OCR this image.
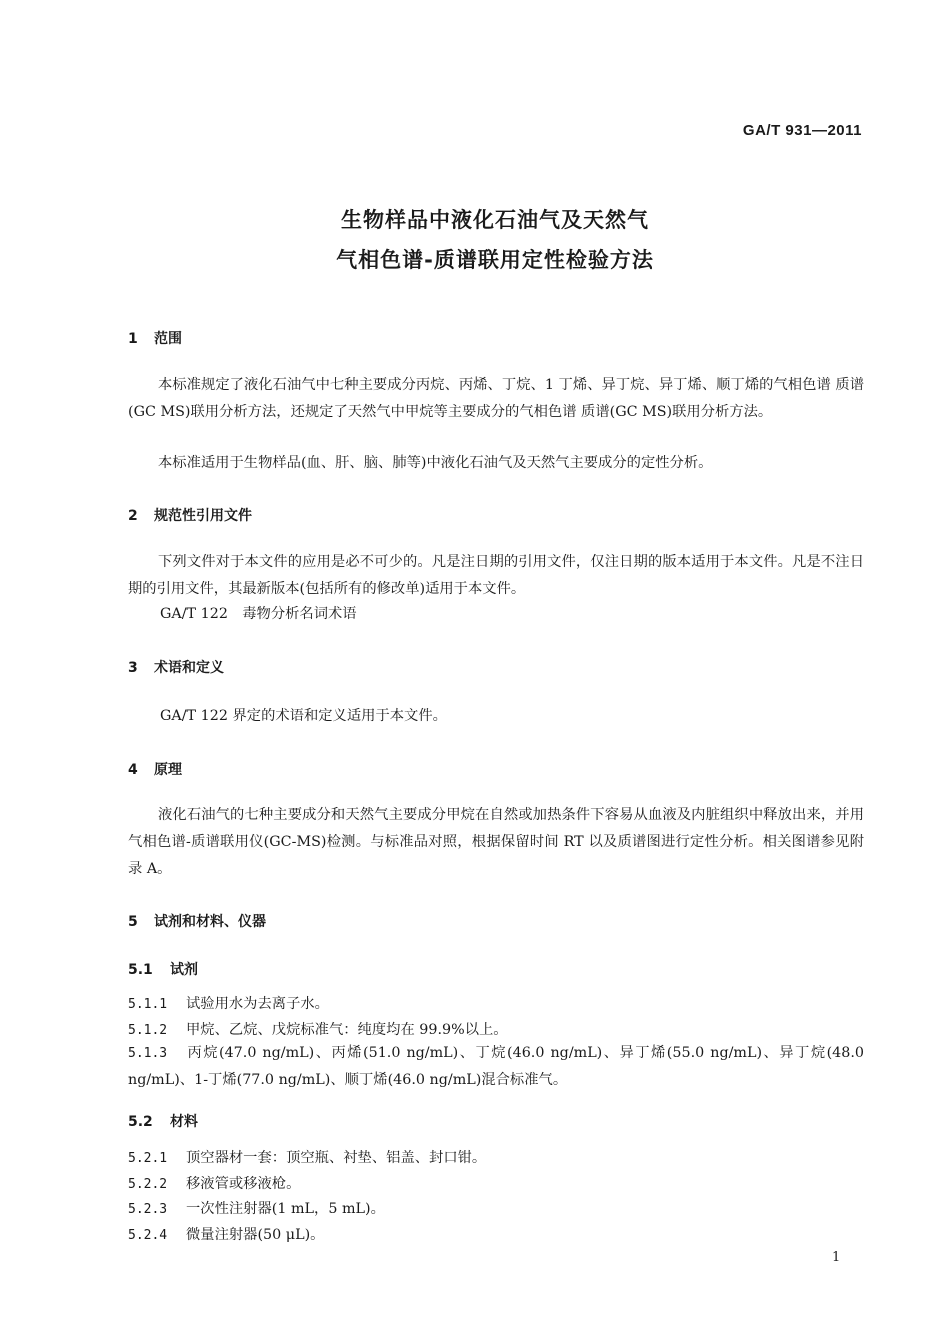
GA/T 931—2011
生物样品中液化石油气及天然气
气相色谱-质谱联用定性检验方法
1 范围
本标准规定了液化石油气中七种主要成分丙烷、丙烯、丁烷、1 丁烯、异丁烷、异丁烯、顺丁烯的气相色谱 质谱(GC MS)联用分析方法，还规定了天然气中甲烷等主要成分的气相色谱 质谱(GC MS)联用分析方法。
本标准适用于生物样品(血、肝、脑、肺等)中液化石油气及天然气主要成分的定性分析。
2 规范性引用文件
下列文件对于本文件的应用是必不可少的。凡是注日期的引用文件，仅注日期的版本适用于本文件。凡是不注日期的引用文件，其最新版本(包括所有的修改单)适用于本文件。
GA/T 122　毒物分析名词术语
3 术语和定义
GA/T 122 界定的术语和定义适用于本文件。
4 原理
液化石油气的七种主要成分和天然气主要成分甲烷在自然或加热条件下容易从血液及内脏组织中释放出来，并用气相色谱-质谱联用仪(GC-MS)检测。与标准品对照，根据保留时间 RT 以及质谱图进行定性分析。相关图谱参见附录 A。
5 试剂和材料、仪器
5.1 试剂
5.1.1 试验用水为去离子水。
5.1.2 甲烷、乙烷、戊烷标准气：纯度均在 99.9%以上。
5.1.3 丙烷(47.0 ng/mL)、丙烯(51.0 ng/mL)、丁烷(46.0 ng/mL)、异丁烯(55.0 ng/mL)、异丁烷(48.0 ng/mL)、1-丁烯(77.0 ng/mL)、顺丁烯(46.0 ng/mL)混合标准气。
5.2 材料
5.2.1 顶空器材一套：顶空瓶、衬垫、铝盖、封口钳。
5.2.2 移液管或移液枪。
5.2.3 一次性注射器(1 mL，5 mL)。
5.2.4 微量注射器(50 μL)。
1
